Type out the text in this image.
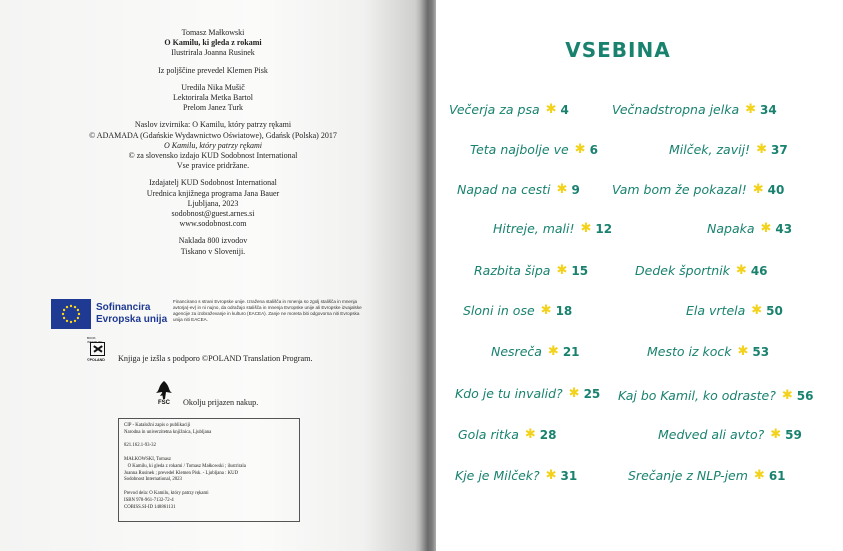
Tomasz Małkowski
O Kamilu, ki gleda z rokami
Ilustrirala Joanna Rusinek
Iz poljščine prevedel Klemen Pisk
Uredila Nika Mušič
Lektorirala Metka Bartol
Prelom Janez Turk
Naslov izvirnika: O Kamilu, który patrzy rękami
© ADAMADA (Gdańskie Wydawnictwo Oświatowe), Gdańsk (Polska) 2017
O Kamilu, który patrzy rękami
© za slovensko izdajo KUD Sodobnost International
Vse pravice pridržane.
Izdajatelj KUD Sodobnost International
Urednica knjižnega programa Jana Bauer
Ljubljana, 2023
sodobnost@guest.arnes.si
www.sodobnost.com
Naklada 800 izvodov
Tiskano v Sloveniji.
Sofinancira
Evropska unija
Financirano s strani Evropske unije. Izražena stališča in mnenja so zgolj stališča in mnenja avtorja(-ev) in ni nujno, da odražajo stališča in mnenja Evropske unije ali Evropske izvajalske agencije za izobraževanje in kulturo (EACEA). Zanje ne moreta biti odgovorna niti Evropska unija niti EACEA.
BOOK INSTITUTE
©POLAND	Knjiga je izšla s podporo ©POLAND Translation Program.
FSC	Okolju prijazen nakup.
CIP - Kataložni zapis o publikaciji
Narodna in univerzitetna knjižnica, Ljubljana

821.162.1-93-32

MAŁKOWSKI, Tomasz
O Kamilu, ki gleda z rokami / Tomasz Małkowski ; ilustrirala
Joanna Rusinek ; prevedel Klemen Pisk. - Ljubljana : KUD
Sodobnost International, 2023

Prevod dela: O Kamilu, który patrzy rękami
ISBN 978-961-7132-72-4
COBISS.SI-ID 148861131
VSEBINA
Večerja za psa ✱ 4
Teta najbolje ve ✱ 6
Napad na cesti ✱ 9
Hitreje, mali! ✱ 12
Razbita šipa ✱ 15
Sloni in ose ✱ 18
Nesreča ✱ 21
Kdo je tu invalid? ✱ 25
Gola ritka ✱ 28
Kje je Milček? ✱ 31
Večnadstropna jelka ✱ 34
Milček, zavij! ✱ 37
Vam bom že pokazal! ✱ 40
Napaka ✱ 43
Dedek športnik ✱ 46
Ela vrtela ✱ 50
Mesto iz kock ✱ 53
Kaj bo Kamil, ko odraste? ✱ 56
Medved ali avto? ✱ 59
Srečanje z NLP-jem ✱ 61
